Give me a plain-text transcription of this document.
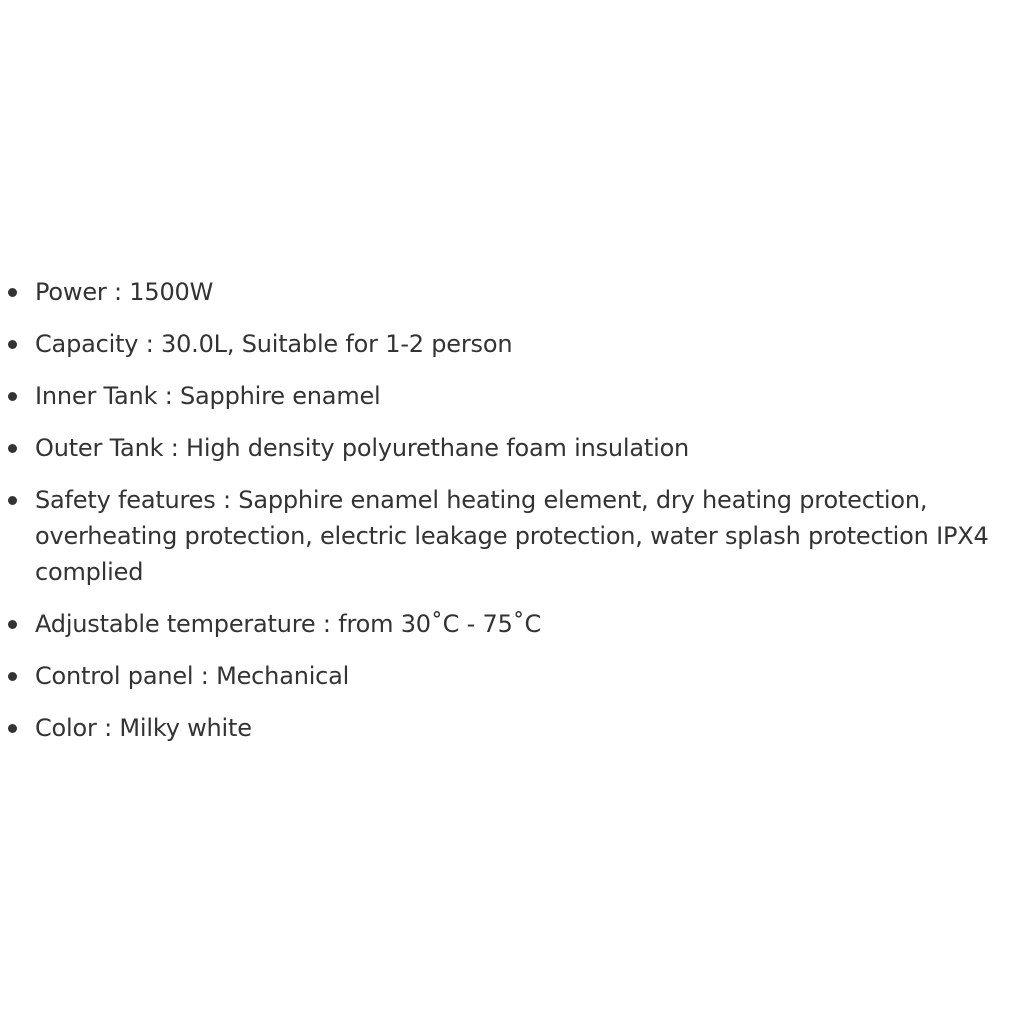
Power : 1500W
Capacity : 30.0L, Suitable for 1-2 person
Inner Tank : Sapphire enamel
Outer Tank : High density polyurethane foam insulation
Safety features : Sapphire enamel heating element, dry heating protection, overheating protection, electric leakage protection, water splash protection IPX4 complied
Adjustable temperature : from 30˚C - 75˚C
Control panel : Mechanical
Color : Milky white
